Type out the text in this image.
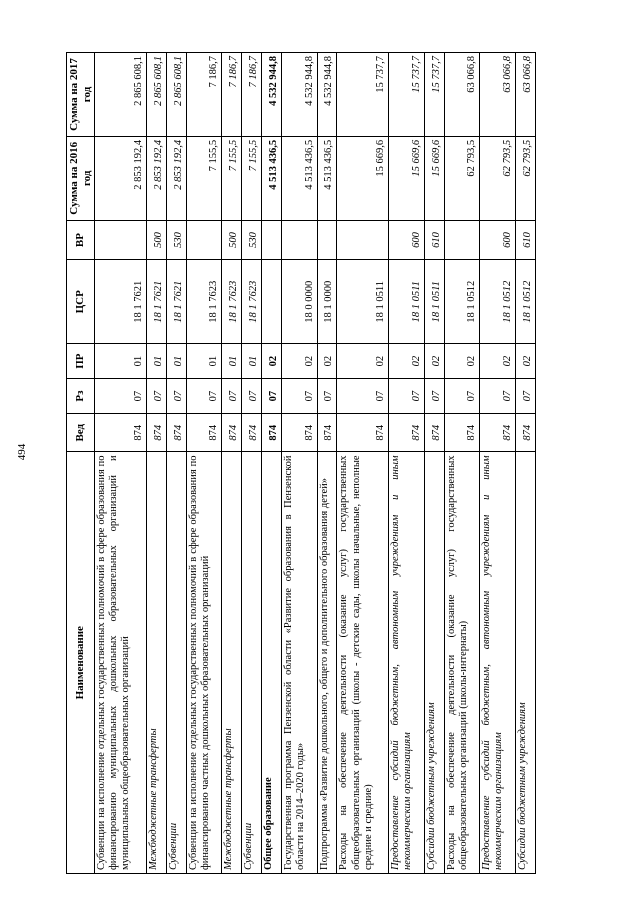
494
Наименование	Вед	Рз	ПР	ЦСР	ВР	Сумма на 2016 год	Сумма на 2017 год
Субвенции на исполнение отдельных государственных полномочий в сфере образования по финансированию муниципальных дошкольных образовательных организаций и муниципальных общеобразовательных организаций	874	07	01	18 1 7621		2 853 192,4	2 865 608,1
Межбюджетные трансферты	874	07	01	18 1 7621	500	2 853 192,4	2 865 608,1
Субвенции	874	07	01	18 1 7621	530	2 853 192,4	2 865 608,1
Субвенции на исполнение отдельных государственных полномочий в сфере образования по финансированию частных дошкольных образовательных организаций	874	07	01	18 1 7623		7 155,5	7 186,7
Межбюджетные трансферты	874	07	01	18 1 7623	500	7 155,5	7 186,7
Субвенции	874	07	01	18 1 7623	530	7 155,5	7 186,7
Общее образование	874	07	02			4 513 436,5	4 532 944,8
Государственная программа Пензенской области «Развитие образования в Пензенской области на 2014–2020 годы»	874	07	02	18 0 0000		4 513 436,5	4 532 944,8
Подпрограмма «Развитие дошкольного, общего и дополнительного образования детей»	874	07	02	18 1 0000		4 513 436,5	4 532 944,8
Расходы на обеспечение деятельности (оказание услуг) государственных общеобразовательных организаций (школы - детские сады, школы начальные, неполные средние и средние)	874	07	02	18 1 0511		15 669,6	15 737,7
Предоставление субсидий бюджетным, автономным учреждениям и иным некоммерческим организациям	874	07	02	18 1 0511	600	15 669,6	15 737,7
Субсидии бюджетным учреждениям	874	07	02	18 1 0511	610	15 669,6	15 737,7
Расходы на обеспечение деятельности (оказание услуг) государственных общеобразовательных организаций (школы-интернаты)	874	07	02	18 1 0512		62 793,5	63 066,8
Предоставление субсидий бюджетным, автономным учреждениям и иным некоммерческим организациям	874	07	02	18 1 0512	600	62 793,5	63 066,8
Субсидии бюджетным учреждениям	874	07	02	18 1 0512	610	62 793,5	63 066,8
